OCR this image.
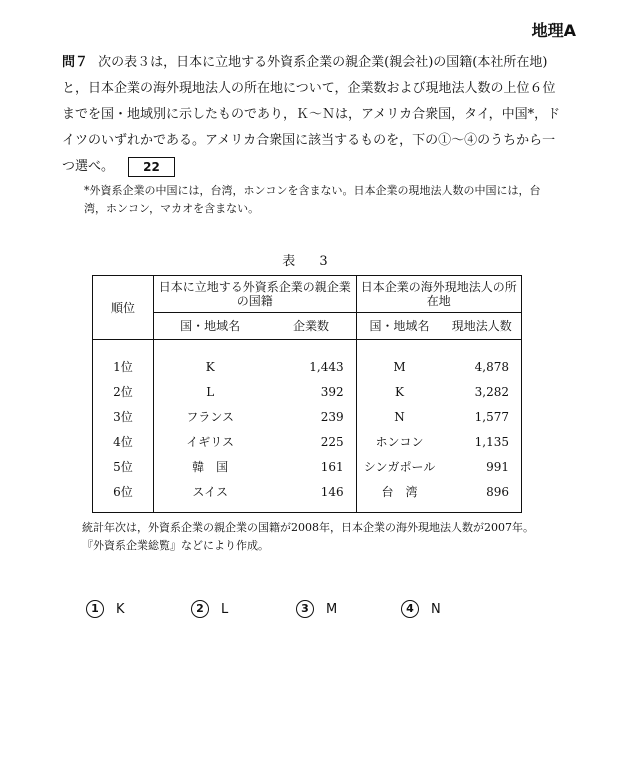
地理A
問７ 次の表３は，日本に立地する外資系企業の親企業(親会社)の国籍(本社所在地)と，日本企業の海外現地法人の所在地について，企業数および現地法人数の上位６位までを国・地域別に示したものであり，Ｋ～Ｎは，アメリカ合衆国，タイ，中国*，ドイツのいずれかである。アメリカ合衆国に該当するものを，下の①～④のうちから一つ選べ。 22
*外資系企業の中国には，台湾，ホンコンを含まない。日本企業の現地法人数の中国には，台湾，ホンコン，マカオを含まない。
表 3
順位	日本に立地する外資系企業の親企業の国籍		日本企業の海外現地法人の所在地	
	国・地域名	企業数	国・地域名	現地法人数
1位	K	1,443	M	4,878
2位	L	392	K	3,282
3位	フランス	239	N	1,577
4位	イギリス	225	ホンコン	1,135
5位	韓　国	161	シンガポール	991
6位	スイス	146	台　湾	896
統計年次は，外資系企業の親企業の国籍が2008年，日本企業の海外現地法人数が2007年。
『外資系企業総覧』などにより作成。
1	K	2	L	3	M	4	N
